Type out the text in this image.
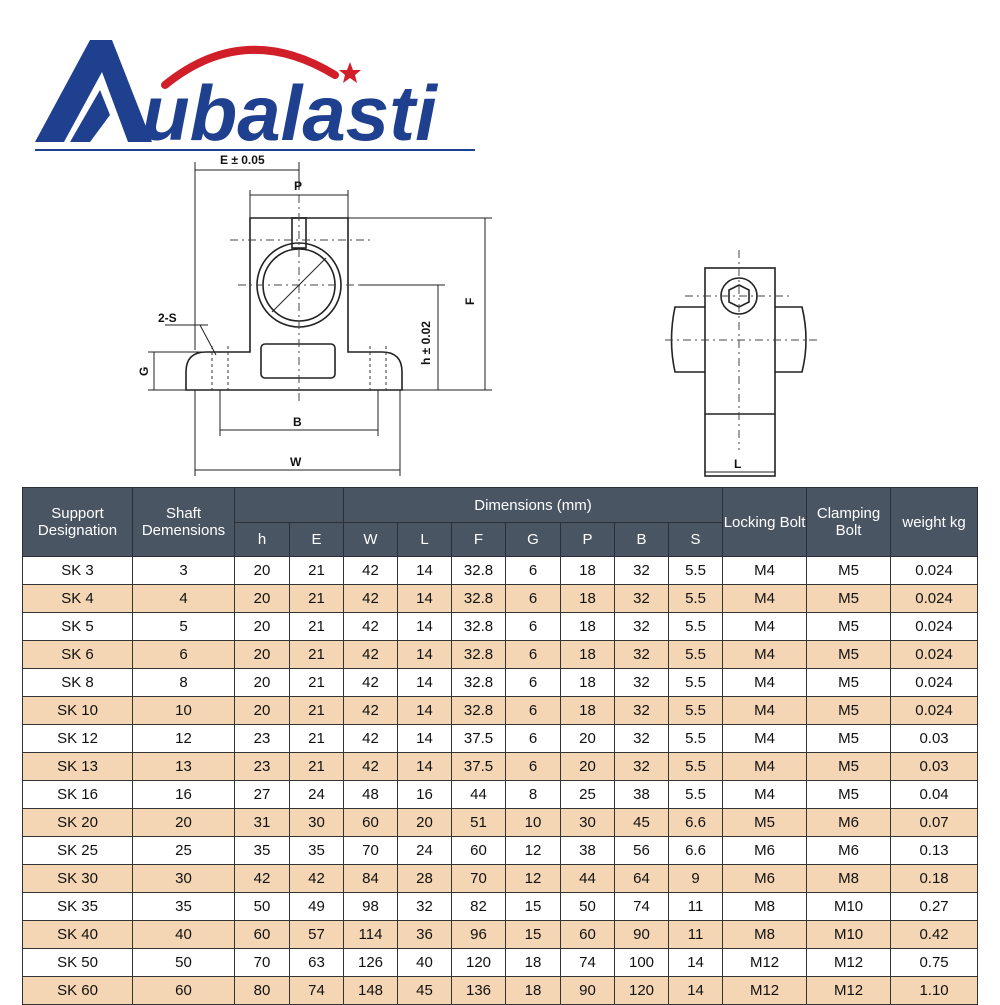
ubalasti
E ± 0.05
P
F
h ± 0.02
2-S
G
B
W	L
Support Designation	Shaft Demensions			Dimensions (mm)							Locking Bolt	Clamping Bolt	weight kg
		h	E	W	L	F	G	P	B	S			
SK 3	3	20	21	42	14	32.8	6	18	32	5.5	M4	M5	0.024
SK 4	4	20	21	42	14	32.8	6	18	32	5.5	M4	M5	0.024
SK 5	5	20	21	42	14	32.8	6	18	32	5.5	M4	M5	0.024
SK 6	6	20	21	42	14	32.8	6	18	32	5.5	M4	M5	0.024
SK 8	8	20	21	42	14	32.8	6	18	32	5.5	M4	M5	0.024
SK 10	10	20	21	42	14	32.8	6	18	32	5.5	M4	M5	0.024
SK 12	12	23	21	42	14	37.5	6	20	32	5.5	M4	M5	0.03
SK 13	13	23	21	42	14	37.5	6	20	32	5.5	M4	M5	0.03
SK 16	16	27	24	48	16	44	8	25	38	5.5	M4	M5	0.04
SK 20	20	31	30	60	20	51	10	30	45	6.6	M5	M6	0.07
SK 25	25	35	35	70	24	60	12	38	56	6.6	M6	M6	0.13
SK 30	30	42	42	84	28	70	12	44	64	9	M6	M8	0.18
SK 35	35	50	49	98	32	82	15	50	74	11	M8	M10	0.27
SK 40	40	60	57	114	36	96	15	60	90	11	M8	M10	0.42
SK 50	50	70	63	126	40	120	18	74	100	14	M12	M12	0.75
SK 60	60	80	74	148	45	136	18	90	120	14	M12	M12	1.10
